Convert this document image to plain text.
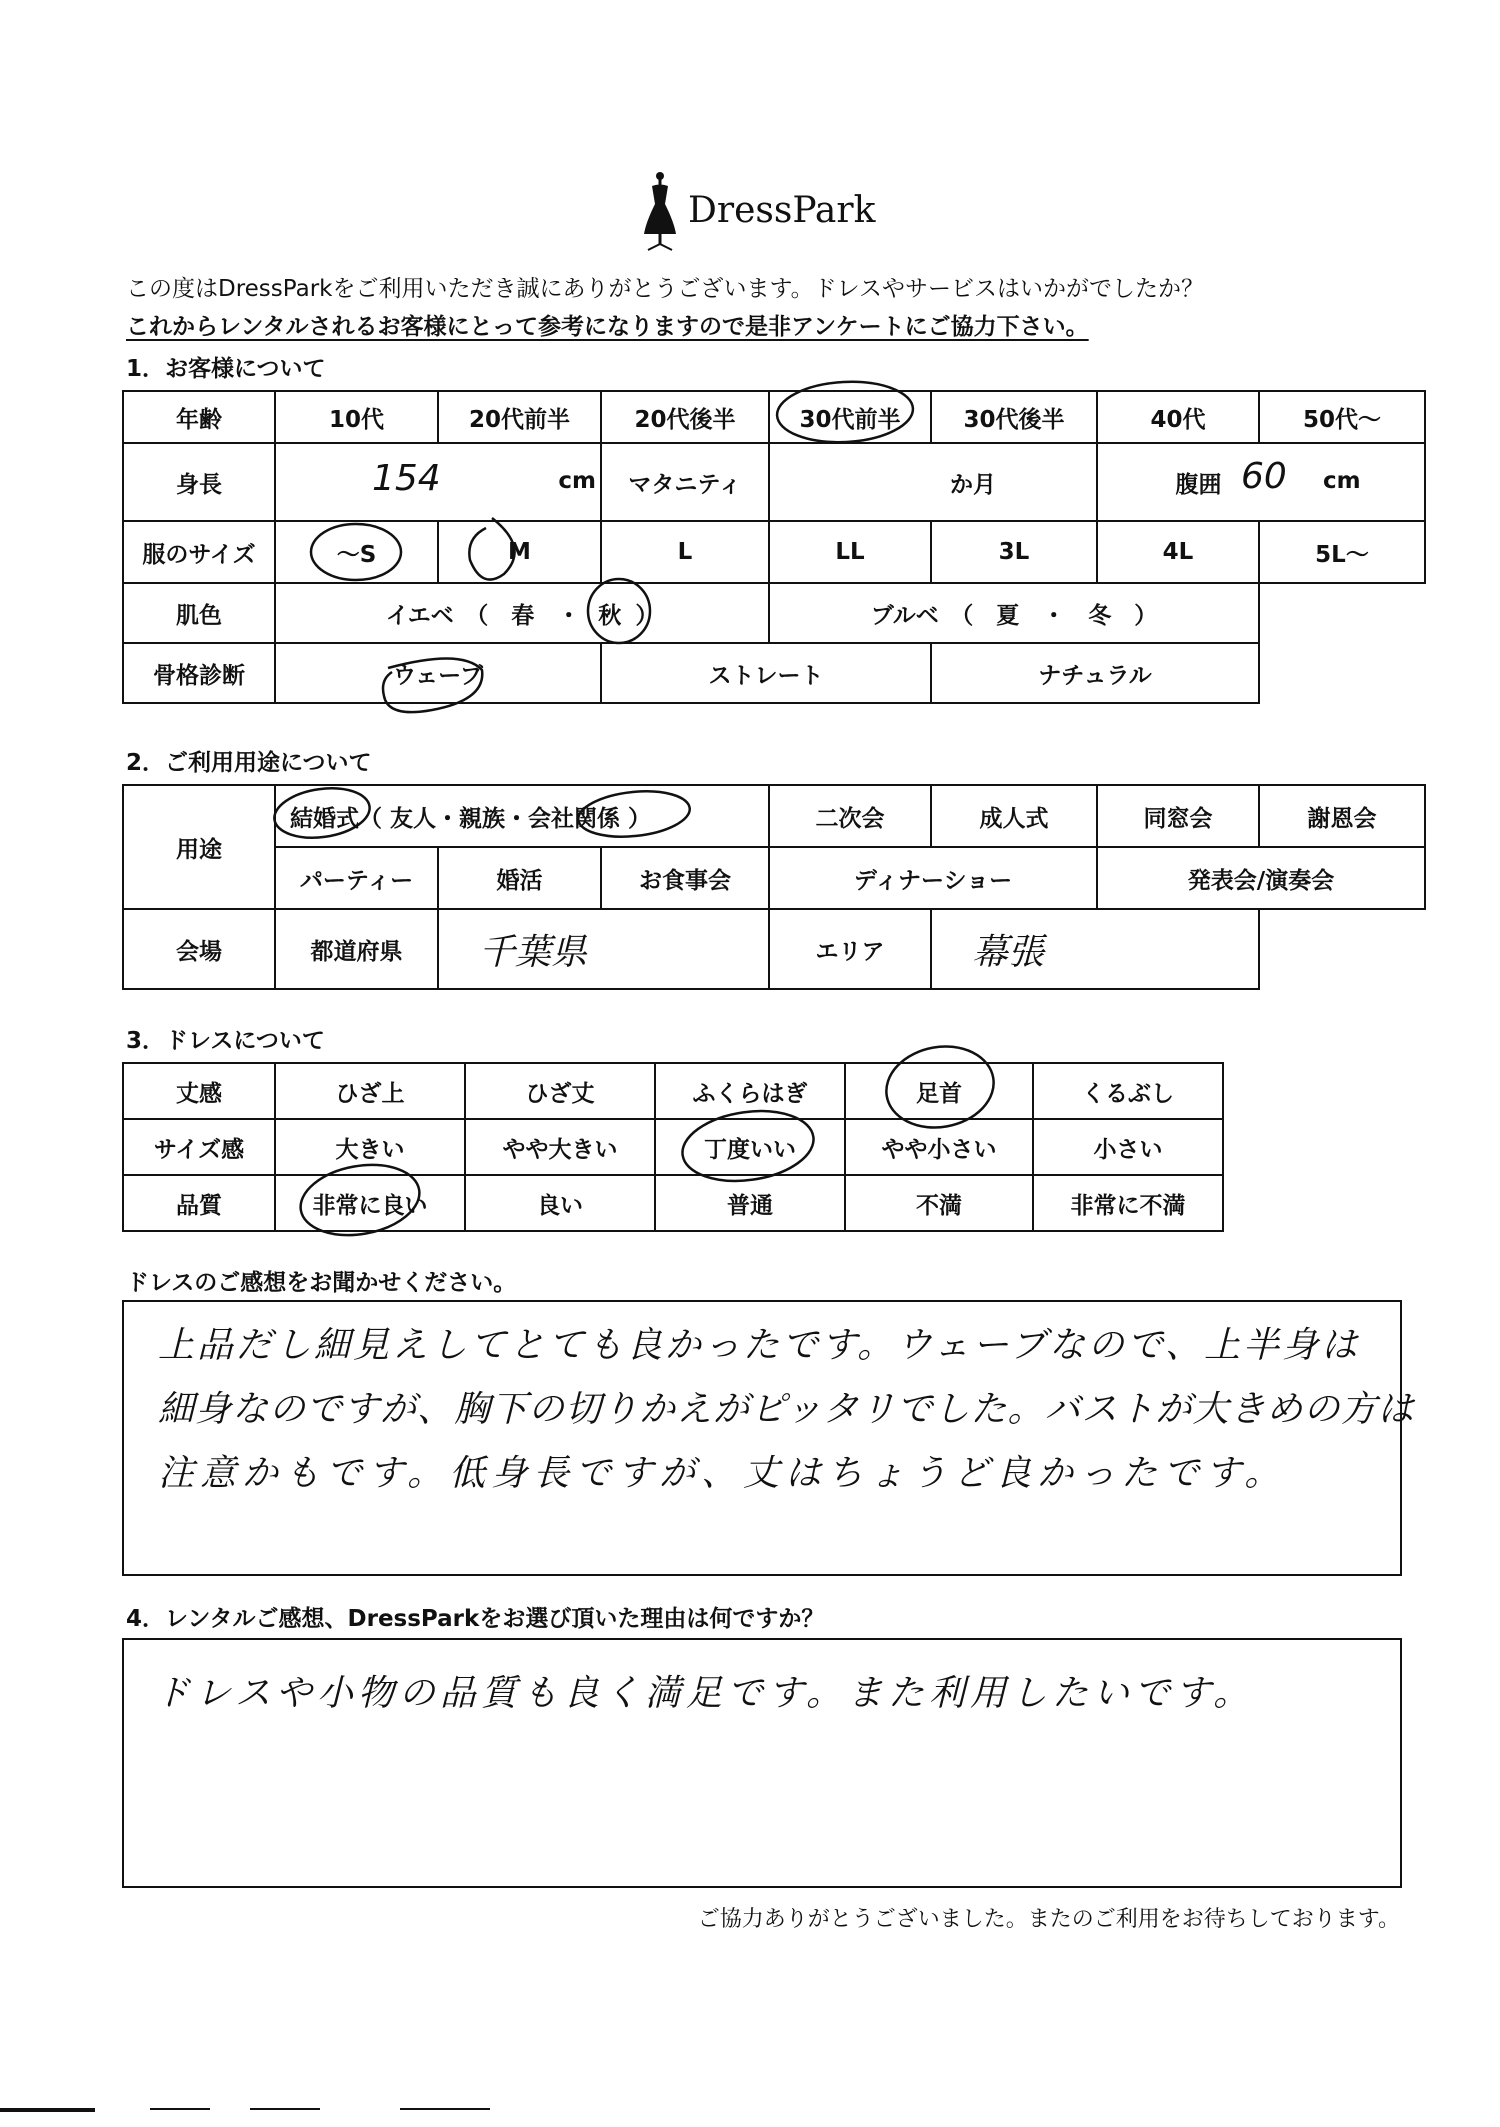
DressPark
この度はDressParkをご利用いただき誠にありがとうございます。ドレスやサービスはいかがでしたか？
これからレンタルされるお客様にとって参考になりますので是非アンケートにご協力下さい。
1．お客様について
年齢	10代	20代前半	20代後半	30代前半	30代後半	40代	50代～
身長	154 cm		マタニティ	か月		腹囲	60 cm

服のサイズ	～S	M	L	LL	3L	4L	5L～
肌色	イエベ　（　春　・ 秋 ）			ブルベ　（　夏　・　冬　）			
骨格診断	ウェーブ		ストレート		ナチュラル		
2．ご利用用途について
用途	結婚式（ 友人・親族・会社関係 ）			二次会	成人式	同窓会	謝恩会
	パーティー	婚活	お食事会	ディナーショー		発表会/演奏会	
会場	都道府県	千葉県		エリア	幕張		
3．ドレスについて
丈感	ひざ上	ひざ丈	ふくらはぎ	足首	くるぶし
サイズ感	大きい	やや大きい	丁度いい	やや小さい	小さい
品質	非常に良い	良い	普通	不満	非常に不満
ドレスのご感想をお聞かせください。

上品だし細見えしてとても良かったです。ウェーブなので、上半身は

細身なのですが、胸下の切りかえがピッタリでした。バストが大きめの方は

注意かもです。低身長ですが、丈はちょうど良かったです。

4．レンタルご感想、DressParkをお選び頂いた理由は何ですか？

ドレスや小物の品質も良く満足です。また利用したいです。

ご協力ありがとうございました。またのご利用をお待ちしております。
